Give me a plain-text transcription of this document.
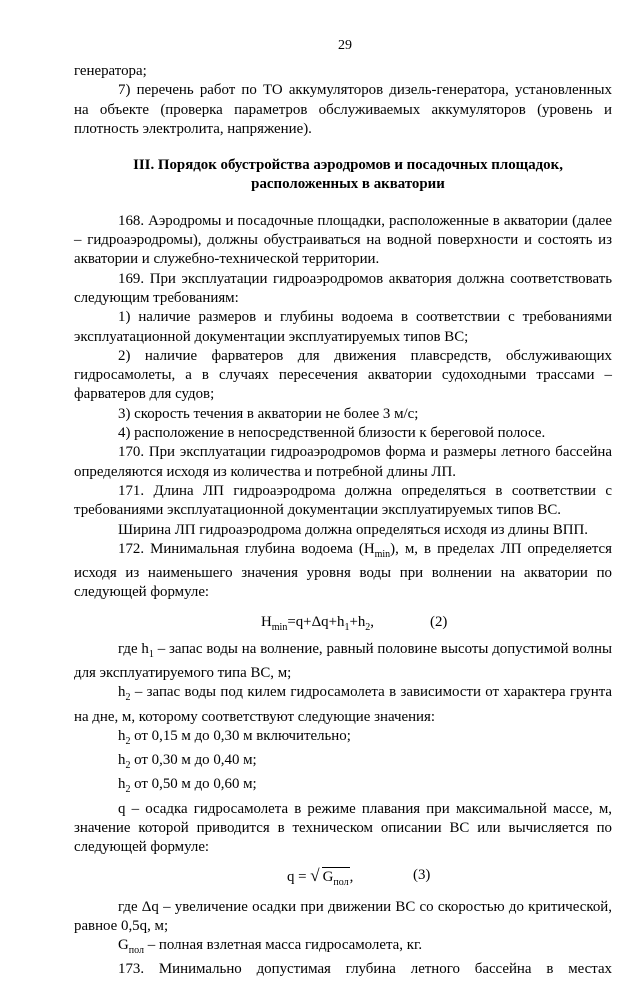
29

генератора;

7) перечень работ по ТО аккумуляторов дизель-генератора, установленных на объекте (проверка параметров обслуживаемых аккумуляторов (уровень и плотность электролита, напряжение).

III. Порядок обустройства аэродромов и посадочных площадок, расположенных в акватории

168. Аэродромы и посадочные площадки, расположенные в акватории (далее – гидроаэродромы), должны обустраиваться на водной поверхности и состоять из акватории и служебно-технической территории.

169. При эксплуатации гидроаэродромов акватория должна соответствовать следующим требованиям:

1) наличие размеров и глубины водоема в соответствии с требованиями эксплуатационной документации эксплуатируемых типов ВС;

2) наличие фарватеров для движения плавсредств, обслуживающих гидросамолеты, а в случаях пересечения акватории судоходными трассами – фарватеров для судов;

3) скорость течения в акватории не более 3 м/с;

4) расположение в непосредственной близости к береговой полосе.

170. При эксплуатации гидроаэродромов форма и размеры летного бассейна определяются исходя из количества и потребной длины ЛП.

171. Длина ЛП гидроаэродрома должна определяться в соответствии с требованиями эксплуатационной документации эксплуатируемых типов ВС.

Ширина ЛП гидроаэродрома должна определяться исходя из длины ВПП.

172. Минимальная глубина водоема $(H_{min})$, м, в пределах ЛП определяется исходя из наименьшего значения уровня воды при волнении на акватории по следующей формуле:

$H_{min}=q+\Delta q+h_1+h_2$,	(2)

где $h_1$ – запас воды на волнение, равный половине высоты допустимой волны для эксплуатируемого типа ВС, м;

$h_2$ – запас воды под килем гидросамолета в зависимости от характера грунта на дне, м, которому соответствуют следующие значения:

$h_2$ от 0,15 м до 0,30 м включительно;

$h_2$ от 0,30 м до 0,40 м;

$h_2$ от 0,50 м до 0,60 м;

q – осадка гидросамолета в режиме плавания при максимальной массе, м, значение которой приводится в техническом описании ВС или вычисляется по следующей формуле:

q = √ $G_{пол}$,	(3)

где Δq – увеличение осадки при движении ВС со скоростью до критической, равное 0,5q, м;

$G_{пол}$ – полная взлетная масса гидросамолета, кг.

173. Минимально допустимая глубина летного бассейна в местах
